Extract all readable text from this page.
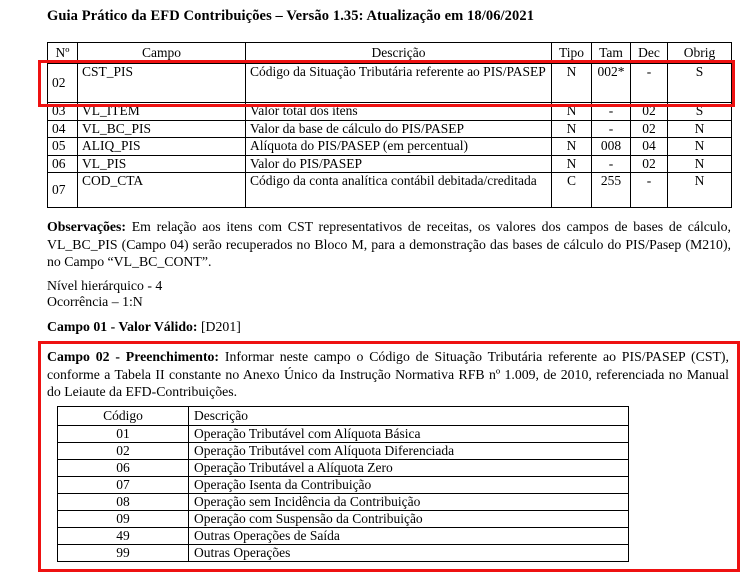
Guia Prático da EFD Contribuições – Versão 1.35: Atualização em 18/06/2021
Nº	Campo	Descrição	Tipo	Tam	Dec	Obrig
02	CST_PIS	Código da Situação Tributária referente ao PIS/PASEP	N	002*	-	S
03	VL_ITEM	Valor total dos itens	N	-	02	S
04	VL_BC_PIS	Valor da base de cálculo do PIS/PASEP	N	-	02	N
05	ALIQ_PIS	Alíquota do PIS/PASEP (em percentual)	N	008	04	N
06	VL_PIS	Valor do PIS/PASEP	N	-	02	N
07	COD_CTA	Código da conta analítica contábil debitada/creditada	C	255	-	N

Observações: Em relação aos itens com CST representativos de receitas, os valores dos campos de bases de cálculo, VL_BC_PIS (Campo 04) serão recuperados no Bloco M, para a demonstração das bases de cálculo do PIS/Pasep (M210), no Campo “VL_BC_CONT”.

Nível hierárquico - 4

Ocorrência – 1:N

Campo 01 - Valor Válido: [D201]

Campo 02 - Preenchimento: Informar neste campo o Código de Situação Tributária referente ao PIS/PASEP (CST), conforme a Tabela II constante no Anexo Único da Instrução Normativa RFB nº 1.009, de 2010, referenciada no Manual do Leiaute da EFD-Contribuições.

Código	Descrição
01	Operação Tributável com Alíquota Básica
02	Operação Tributável com Alíquota Diferenciada
06	Operação Tributável a Alíquota Zero
07	Operação Isenta da Contribuição
08	Operação sem Incidência da Contribuição
09	Operação com Suspensão da Contribuição
49	Outras Operações de Saída
99	Outras Operações
